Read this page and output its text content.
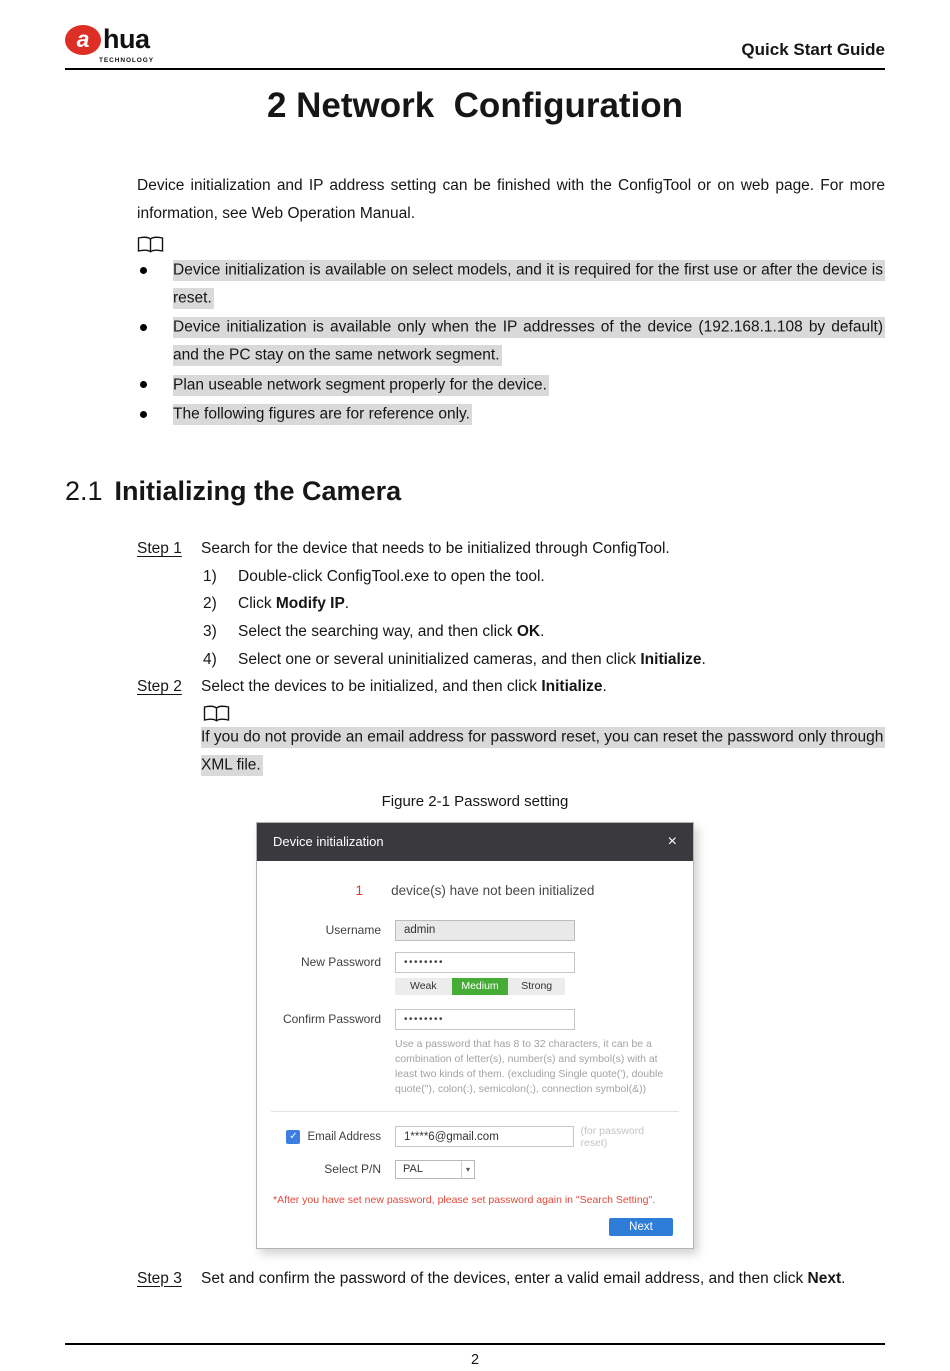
a hua
TECHNOLOGY
Quick Start Guide
2 Network  Configuration

Device initialization and IP address setting can be finished with the ConfigTool or on web page. For more information, see Web Operation Manual.

Device initialization is available on select models, and it is required for the first use or after the device is reset.
Device initialization is available only when the IP addresses of the device (192.168.1.108 by default) and the PC stay on the same network segment.
Plan useable network segment properly for the device.
The following figures are for reference only.
2.1 Initializing the Camera
Step 1	Search for the device that needs to be initialized through ConfigTool.
1)	Double-click ConfigTool.exe to open the tool.
2)	Click Modify IP.
3)	Select the searching way, and then click OK.
4)	Select one or several uninitialized cameras, and then click Initialize.
Step 2	Select the devices to be initialized, and then click Initialize.

If you do not provide an email address for password reset, you can reset the password only through XML file.

Figure 2-1 Password setting
Device initialization	×
1 device(s) have not been initialized
Username
admin
New Password
••••••••
Weak	Medium	Strong
Confirm Password
••••••••
Use a password that has 8 to 32 characters, it can be a combination of letter(s), number(s) and symbol(s) with at least two kinds of them. (excluding Single quote('), double quote("), colon(:), semicolon(;), connection symbol(&))
✓ Email Address
1****6@gmail.com	(for password reset)
Select P/N	PAL	▾
*After you have set new password, please set password again in "Search Setting".
Next
Step 3	Set and confirm the password of the devices, enter a valid email address, and then click Next.
2
